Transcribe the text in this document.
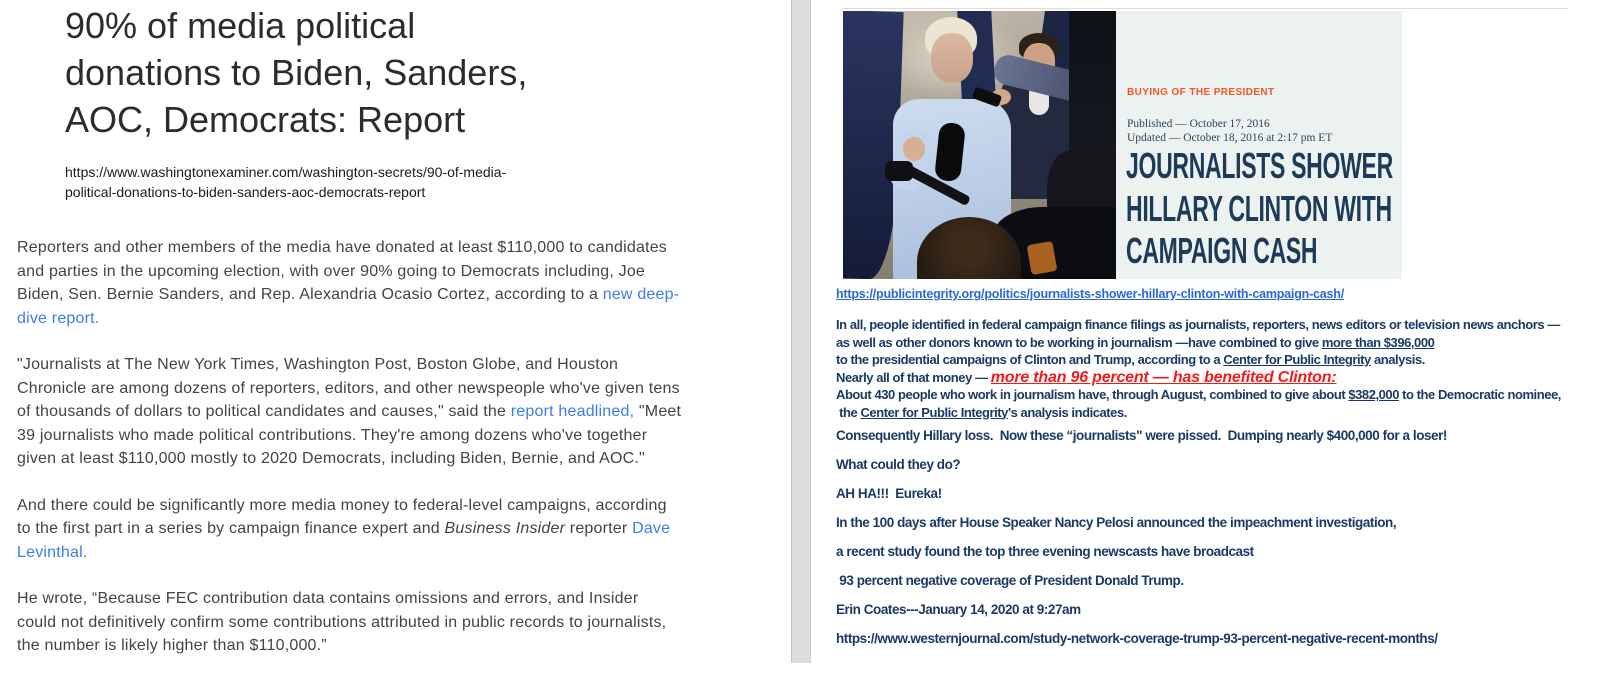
90% of media political donations to Biden, Sanders, AOC, Democrats: Report
https://www.washingtonexaminer.com/washington-secrets/90-of-media-
political-donations-to-biden-sanders-aoc-democrats-report

Reporters and other members of the media have donated at least $110,000 to candidates and parties in the upcoming election, with over 90% going to Democrats including, Joe Biden, Sen. Bernie Sanders, and Rep. Alexandria Ocasio Cortez, according to a new deep-dive report.

"Journalists at The New York Times, Washington Post, Boston Globe, and Houston Chronicle are among dozens of reporters, editors, and other newspeople who've given tens of thousands of dollars to political candidates and causes," said the report headlined, "Meet 39 journalists who made political contributions. They're among dozens who've together given at least $110,000 mostly to 2020 Democrats, including Biden, Bernie, and AOC."

And there could be significantly more media money to federal-level campaigns, according to the first part in a series by campaign finance expert and Business Insider reporter Dave Levinthal.

He wrote, “Because FEC contribution data contains omissions and errors, and Insider could not definitively confirm some contributions attributed in public records to journalists, the number is likely higher than $110,000.”

BUYING OF THE PRESIDENT
Published — October 17, 2016
Updated — October 18, 2016 at 2:17 pm ET
JOURNALISTS SHOWER
HILLARY CLINTON WITH
CAMPAIGN CASH
https://publicintegrity.org/politics/journalists-shower-hillary-clinton-with-campaign-cash/
In all, people identified in federal campaign finance filings as journalists, reporters, news editors or television news anchors —
as well as other donors known to be working in journalism —have combined to give more than $396,000
to the presidential campaigns of Clinton and Trump, according to a Center for Public Integrity analysis.
Nearly all of that money — more than 96 percent — has benefited Clinton:
About 430 people who work in journalism have, through August, combined to give about $382,000 to the Democratic nominee,
the Center for Public Integrity's analysis indicates.
Consequently Hillary loss.  Now these “journalists" were pissed.  Dumping nearly $400,000 for a loser!
What could they do?
AH HA!!!  Eureka!
In the 100 days after House Speaker Nancy Pelosi announced the impeachment investigation,
a recent study found the top three evening newscasts have broadcast
93 percent negative coverage of President Donald Trump.
Erin Coates---January 14, 2020 at 9:27am
https://www.westernjournal.com/study-network-coverage-trump-93-percent-negative-recent-months/
